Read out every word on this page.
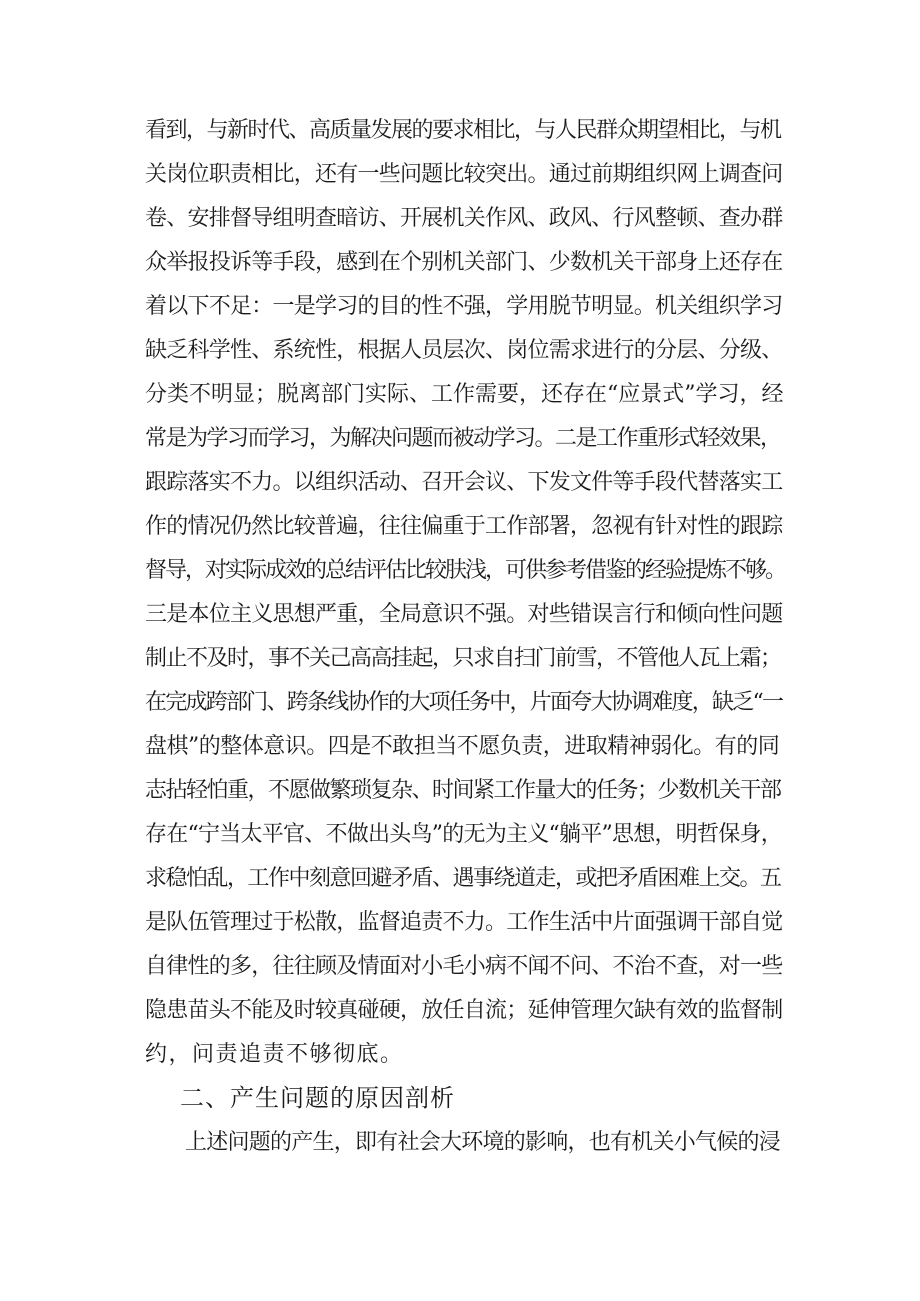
看到，与新时代、高质量发展的要求相比，与人民群众期望相比，与机
关岗位职责相比，还有一些问题比较突出。通过前期组织网上调查问
卷、安排督导组明查暗访、开展机关作风、政风、行风整顿、查办群
众举报投诉等手段，感到在个别机关部门、少数机关干部身上还存在
着以下不足：一是学习的目的性不强，学用脱节明显。机关组织学习
缺乏科学性、系统性，根据人员层次、岗位需求进行的分层、分级、
分类不明显；脱离部门实际、工作需要，还存在“应景式”学习，经
常是为学习而学习，为解决问题而被动学习。二是工作重形式轻效果，
跟踪落实不力。以组织活动、召开会议、下发文件等手段代替落实工
作的情况仍然比较普遍，往往偏重于工作部署，忽视有针对性的跟踪
督导，对实际成效的总结评估比较肤浅，可供参考借鉴的经验提炼不够。
三是本位主义思想严重，全局意识不强。对些错误言行和倾向性问题
制止不及时，事不关己高高挂起，只求自扫门前雪，不管他人瓦上霜；
在完成跨部门、跨条线协作的大项任务中，片面夸大协调难度，缺乏“一
盘棋”的整体意识。四是不敢担当不愿负责，进取精神弱化。有的同
志拈轻怕重，不愿做繁琐复杂、时间紧工作量大的任务；少数机关干部
存在“宁当太平官、不做出头鸟”的无为主义“躺平”思想，明哲保身，
求稳怕乱，工作中刻意回避矛盾、遇事绕道走，或把矛盾困难上交。五
是队伍管理过于松散，监督追责不力。工作生活中片面强调干部自觉
自律性的多，往往顾及情面对小毛小病不闻不问、不治不查，对一些
隐患苗头不能及时较真碰硬，放任自流；延伸管理欠缺有效的监督制
约，问责追责不够彻底。
二、产生问题的原因剖析
上述问题的产生，即有社会大环境的影响，也有机关小气候的浸
